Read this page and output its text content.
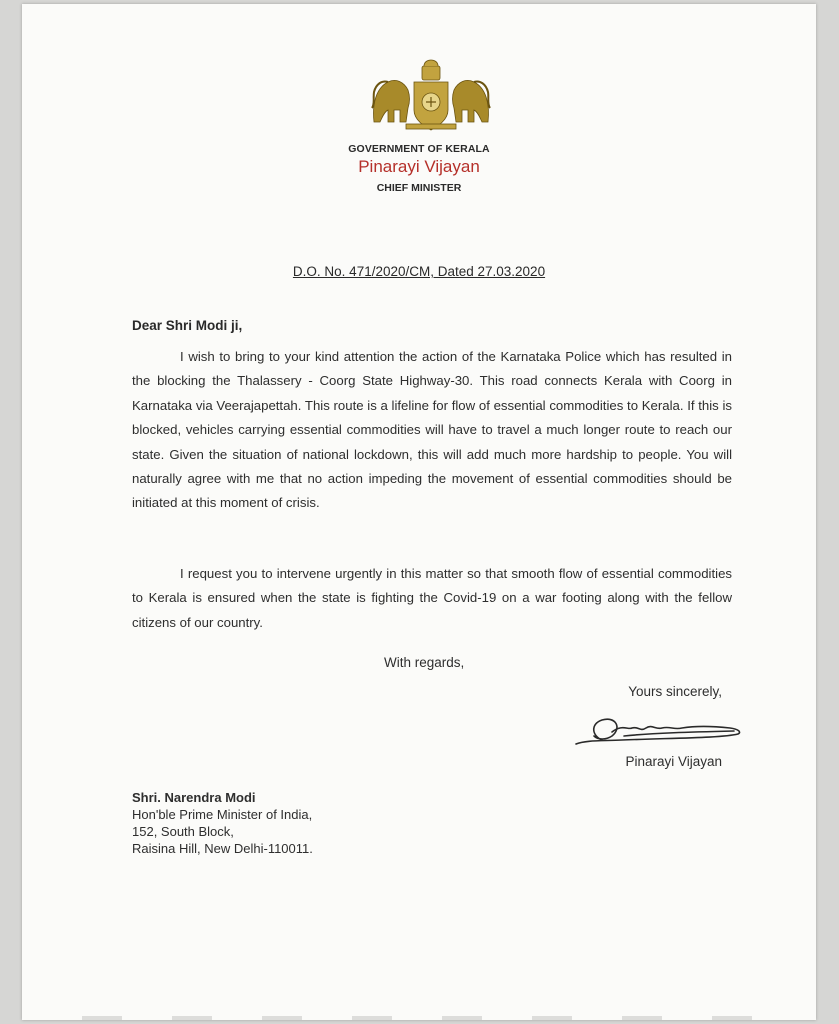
GOVERNMENT OF KERALA
Pinarayi Vijayan
CHIEF MINISTER
D.O. No. 471/2020/CM, Dated 27.03.2020
Dear Shri Modi ji,

I wish to bring to your kind attention the action of the Karnataka Police which has resulted in the blocking the Thalassery - Coorg State Highway-30. This road connects Kerala with Coorg in Karnataka via Veerajapettah. This route is a lifeline for flow of essential commodities to Kerala. If this is blocked, vehicles carrying essential commodities will have to travel a much longer route to reach our state. Given the situation of national lockdown, this will add much more hardship to people. You will naturally agree with me that no action impeding the movement of essential commodities should be initiated at this moment of crisis.

I request you to intervene urgently in this matter so that smooth flow of essential commodities to Kerala is ensured when the state is fighting the Covid-19 on a war footing along with the fellow citizens of our country.

With regards,
Yours sincerely,
Pinarayi Vijayan
Shri. Narendra Modi
Hon'ble Prime Minister of India,
152, South Block,
Raisina Hill, New Delhi-110011.
